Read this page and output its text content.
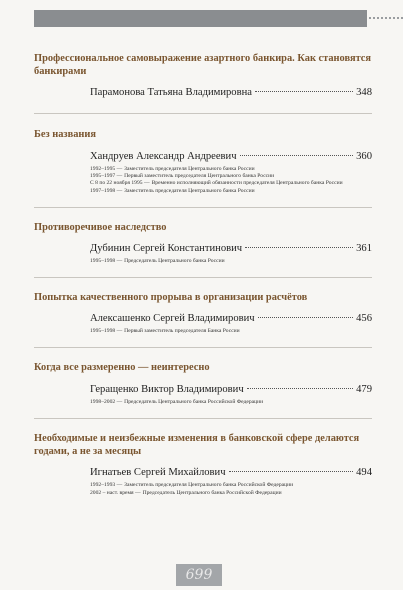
Профессиональное самовыражение азартного банкира. Как становятся банкирами

Парамонова Татьяна Владимировна	348

Без названия

Хандруев Александр Андреевич	360
1992–1995 — Заместитель председателя Центрального банка России
1995–1997 — Первый заместитель председателя Центрального банка России
С 8 по 22 ноября 1995 — Временно исполняющий обязанности председателя Центрального банка России
1997–1998 — Заместитель председателя Центрального банка России

Противоречивое наследство

Дубинин Сергей Константинович	361
1995–1998 — Председатель Центрального банка России

Попытка качественного прорыва в организации расчётов

Алексашенко Сергей Владимирович	456
1995–1998 — Первый заместитель председателя Банка России

Когда все размеренно — неинтересно

Геращенко Виктор Владимирович	479
1998–2002 — Председатель Центрального банка Российской Федерации

Необходимые и неизбежные изменения в банковской сфере делаются годами, а не за месяцы

Игнатьев Сергей Михайлович	494
1992–1993 — Заместитель председателя Центрального банка Российской Федерации
2002 – наст. время — Председатель Центрального банка Российской Федерации
699
